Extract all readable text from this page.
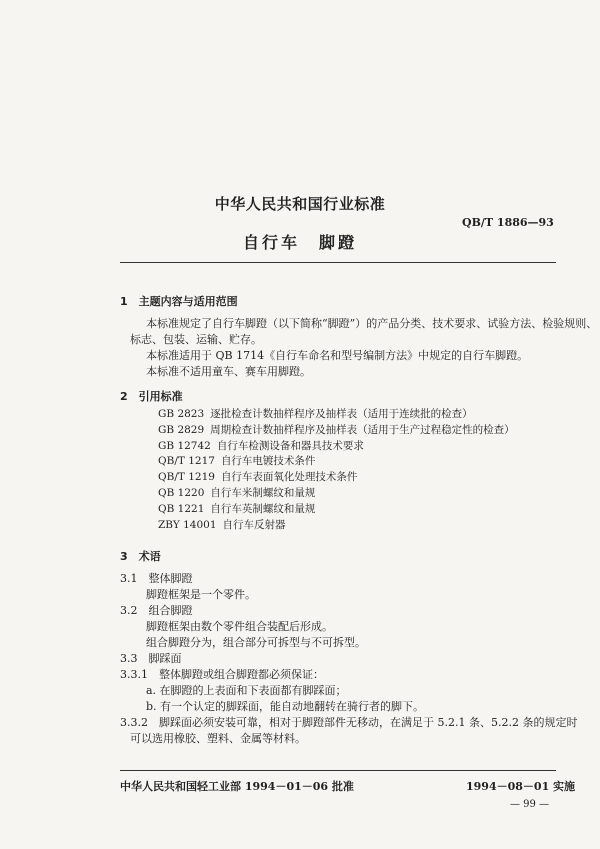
中华人民共和国行业标准
QB/T 1886—93
自行车　脚蹬
1　主题内容与适用范围
本标准规定了自行车脚蹬（以下简称“脚蹬”）的产品分类、技术要求、试验方法、检验规则、
标志、包装、运输、贮存。
本标准适用于 QB 1714《自行车命名和型号编制方法》中规定的自行车脚蹬。
本标准不适用童车、赛车用脚蹬。
2　引用标准
GB 2823 逐批检查计数抽样程序及抽样表（适用于连续批的检查）
GB 2829 周期检查计数抽样程序及抽样表（适用于生产过程稳定性的检查）
GB 12742 自行车检测设备和器具技术要求
QB/T 1217 自行车电镀技术条件
QB/T 1219 自行车表面氧化处理技术条件
QB 1220 自行车米制螺纹和量规
QB 1221 自行车英制螺纹和量规
ZBY 14001 自行车反射器
3　术语
3.1　整体脚蹬
脚蹬框架是一个零件。
3.2　组合脚蹬
脚蹬框架由数个零件组合装配后形成。
组合脚蹬分为，组合部分可拆型与不可拆型。
3.3　脚踩面
3.3.1　整体脚蹬或组合脚蹬都必须保证：
a. 在脚蹬的上表面和下表面都有脚踩面；
b. 有一个认定的脚踩面，能自动地翻转在骑行者的脚下。
3.3.2　脚踩面必须安装可靠，相对于脚蹬部件无移动，在满足于 5.2.1 条、5.2.2 条的规定时
可以选用橡胶、塑料、金属等材料。
中华人民共和国轻工业部 1994－01－06 批准	1994－08－01 实施
— 99 —
